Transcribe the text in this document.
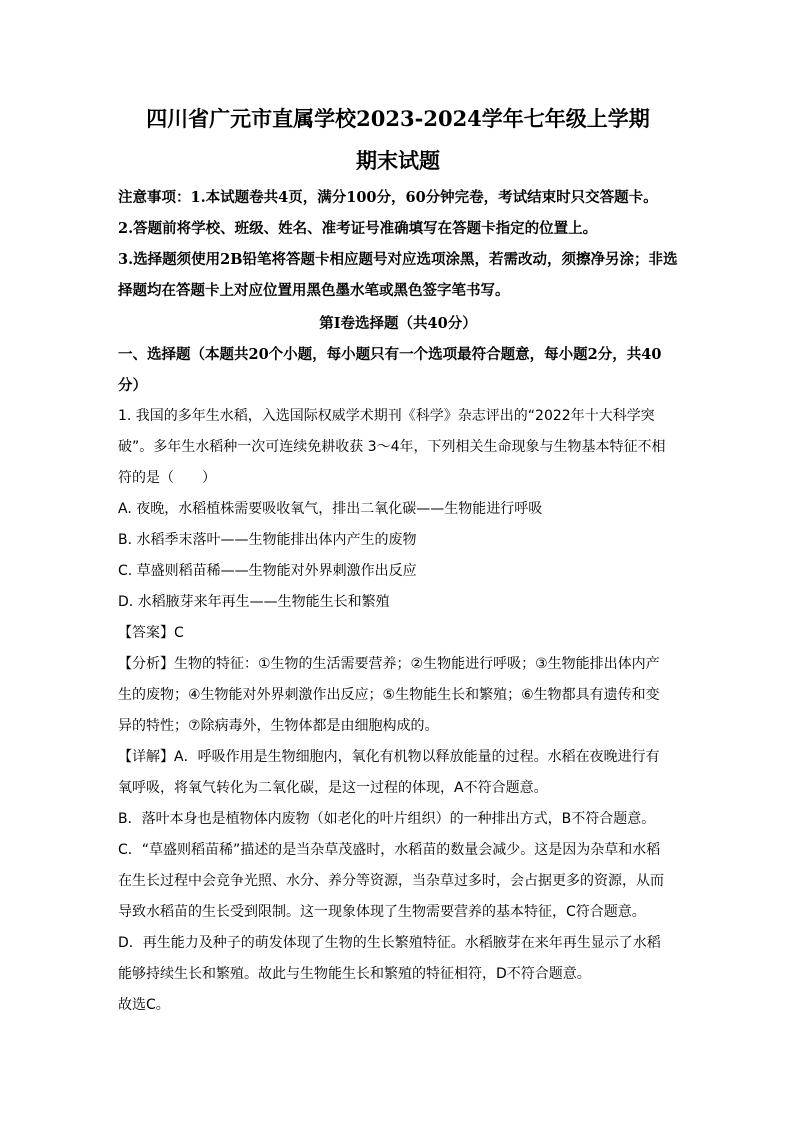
四川省广元市直属学校2023-2024学年七年级上学期

期末试题

注意事项：1.本试题卷共4页，满分100分，60分钟完卷，考试结束时只交答题卡。

2.答题前将学校、班级、姓名、准考证号准确填写在答题卡指定的位置上。

3.选择题须使用2B铅笔将答题卡相应题号对应选项涂黑，若需改动，须擦净另涂；非选

择题均在答题卡上对应位置用黑色墨水笔或黑色签字笔书写。

第Ⅰ卷选择题（共40分）

一、选择题（本题共20个小题，每小题只有一个选项最符合题意，每小题2分，共40

分）

1. 我国的多年生水稻，入选国际权威学术期刊《科学》杂志评出的“2022年十大科学突

破”。多年生水稻种一次可连续免耕收获 3～4年，下列相关生命现象与生物基本特征不相

符的是（　　）

A. 夜晚，水稻植株需要吸收氧气，排出二氧化碳——生物能进行呼吸

B. 水稻季末落叶——生物能排出体内产生的废物

C. 草盛则稻苗稀——生物能对外界刺激作出反应

D. 水稻腋芽来年再生——生物能生长和繁殖

【答案】C

【分析】生物的特征：①生物的生活需要营养；②生物能进行呼吸；③生物能排出体内产

生的废物；④生物能对外界刺激作出反应；⑤生物能生长和繁殖；⑥生物都具有遗传和变

异的特性；⑦除病毒外，生物体都是由细胞构成的。

【详解】A．呼吸作用是生物细胞内，氧化有机物以释放能量的过程。水稻在夜晚进行有

氧呼吸，将氧气转化为二氧化碳，是这一过程的体现，A不符合题意。

B．落叶本身也是植物体内废物（如老化的叶片组织）的一种排出方式，B不符合题意。

C．“草盛则稻苗稀”描述的是当杂草茂盛时，水稻苗的数量会减少。这是因为杂草和水稻

在生长过程中会竞争光照、水分、养分等资源，当杂草过多时，会占据更多的资源，从而

导致水稻苗的生长受到限制。这一现象体现了生物需要营养的基本特征，C符合题意。

D．再生能力及种子的萌发体现了生物的生长繁殖特征。水稻腋芽在来年再生显示了水稻

能够持续生长和繁殖。故此与生物能生长和繁殖的特征相符，D不符合题意。

故选C。
